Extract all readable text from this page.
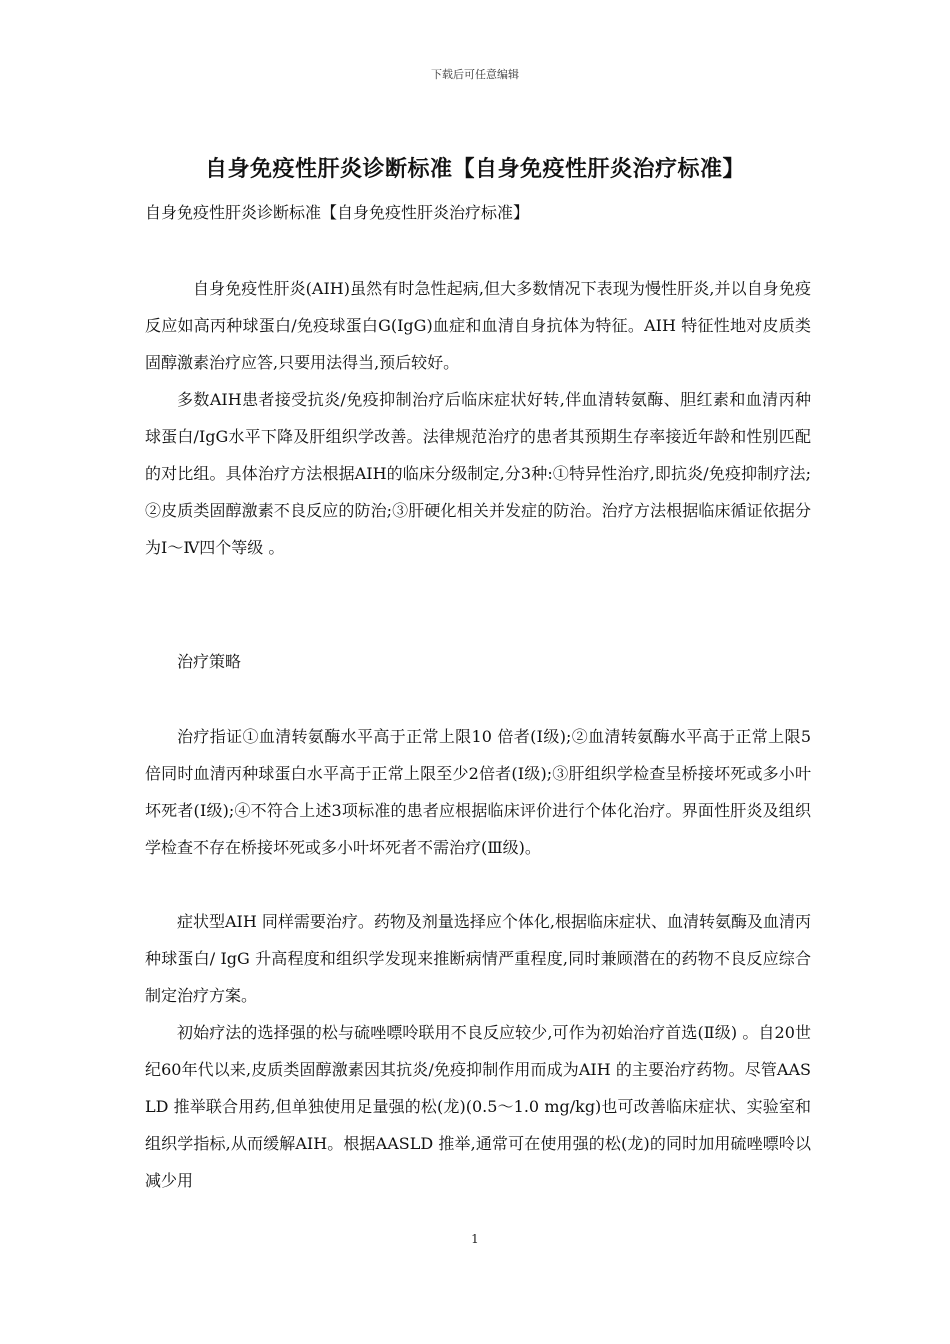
下载后可任意编辑
自身免疫性肝炎诊断标准【自身免疫性肝炎治疗标准】

自身免疫性肝炎诊断标准【自身免疫性肝炎治疗标准】

自身免疫性肝炎(AIH)虽然有时急性起病,但大多数情况下表现为慢性肝炎,并以自身免疫反应如高丙种球蛋白/免疫球蛋白G(IgG)血症和血清自身抗体为特征。AIH 特征性地对皮质类固醇激素治疗应答,只要用法得当,预后较好。

多数AIH患者接受抗炎/免疫抑制治疗后临床症状好转,伴血清转氨酶、胆红素和血清丙种球蛋白/IgG水平下降及肝组织学改善。法律规范治疗的患者其预期生存率接近年龄和性别匹配的对比组。具体治疗方法根据AIH的临床分级制定,分3种:①特异性治疗,即抗炎/免疫抑制疗法;②皮质类固醇激素不良反应的防治;③肝硬化相关并发症的防治。治疗方法根据临床循证依据分为Ⅰ～Ⅳ四个等级 。

治疗策略

治疗指证①血清转氨酶水平高于正常上限10 倍者(Ⅰ级);②血清转氨酶水平高于正常上限5倍同时血清丙种球蛋白水平高于正常上限至少2倍者(Ⅰ级);③肝组织学检查呈桥接坏死或多小叶坏死者(Ⅰ级);④不符合上述3项标准的患者应根据临床评价进行个体化治疗。界面性肝炎及组织学检查不存在桥接坏死或多小叶坏死者不需治疗(Ⅲ级)。

症状型AIH 同样需要治疗。药物及剂量选择应个体化,根据临床症状、血清转氨酶及血清丙种球蛋白/ IgG 升高程度和组织学发现来推断病情严重程度,同时兼顾潜在的药物不良反应综合制定治疗方案。

初始疗法的选择强的松与硫唑嘌呤联用不良反应较少,可作为初始治疗首选(Ⅱ级) 。自20世纪60年代以来,皮质类固醇激素因其抗炎/免疫抑制作用而成为AIH 的主要治疗药物。尽管AASLD 推举联合用药,但单独使用足量强的松(龙)(0.5～1.0 mg/kg)也可改善临床症状、实验室和组织学指标,从而缓解AIH。根据AASLD 推举,通常可在使用强的松(龙)的同时加用硫唑嘌呤以减少用

1
